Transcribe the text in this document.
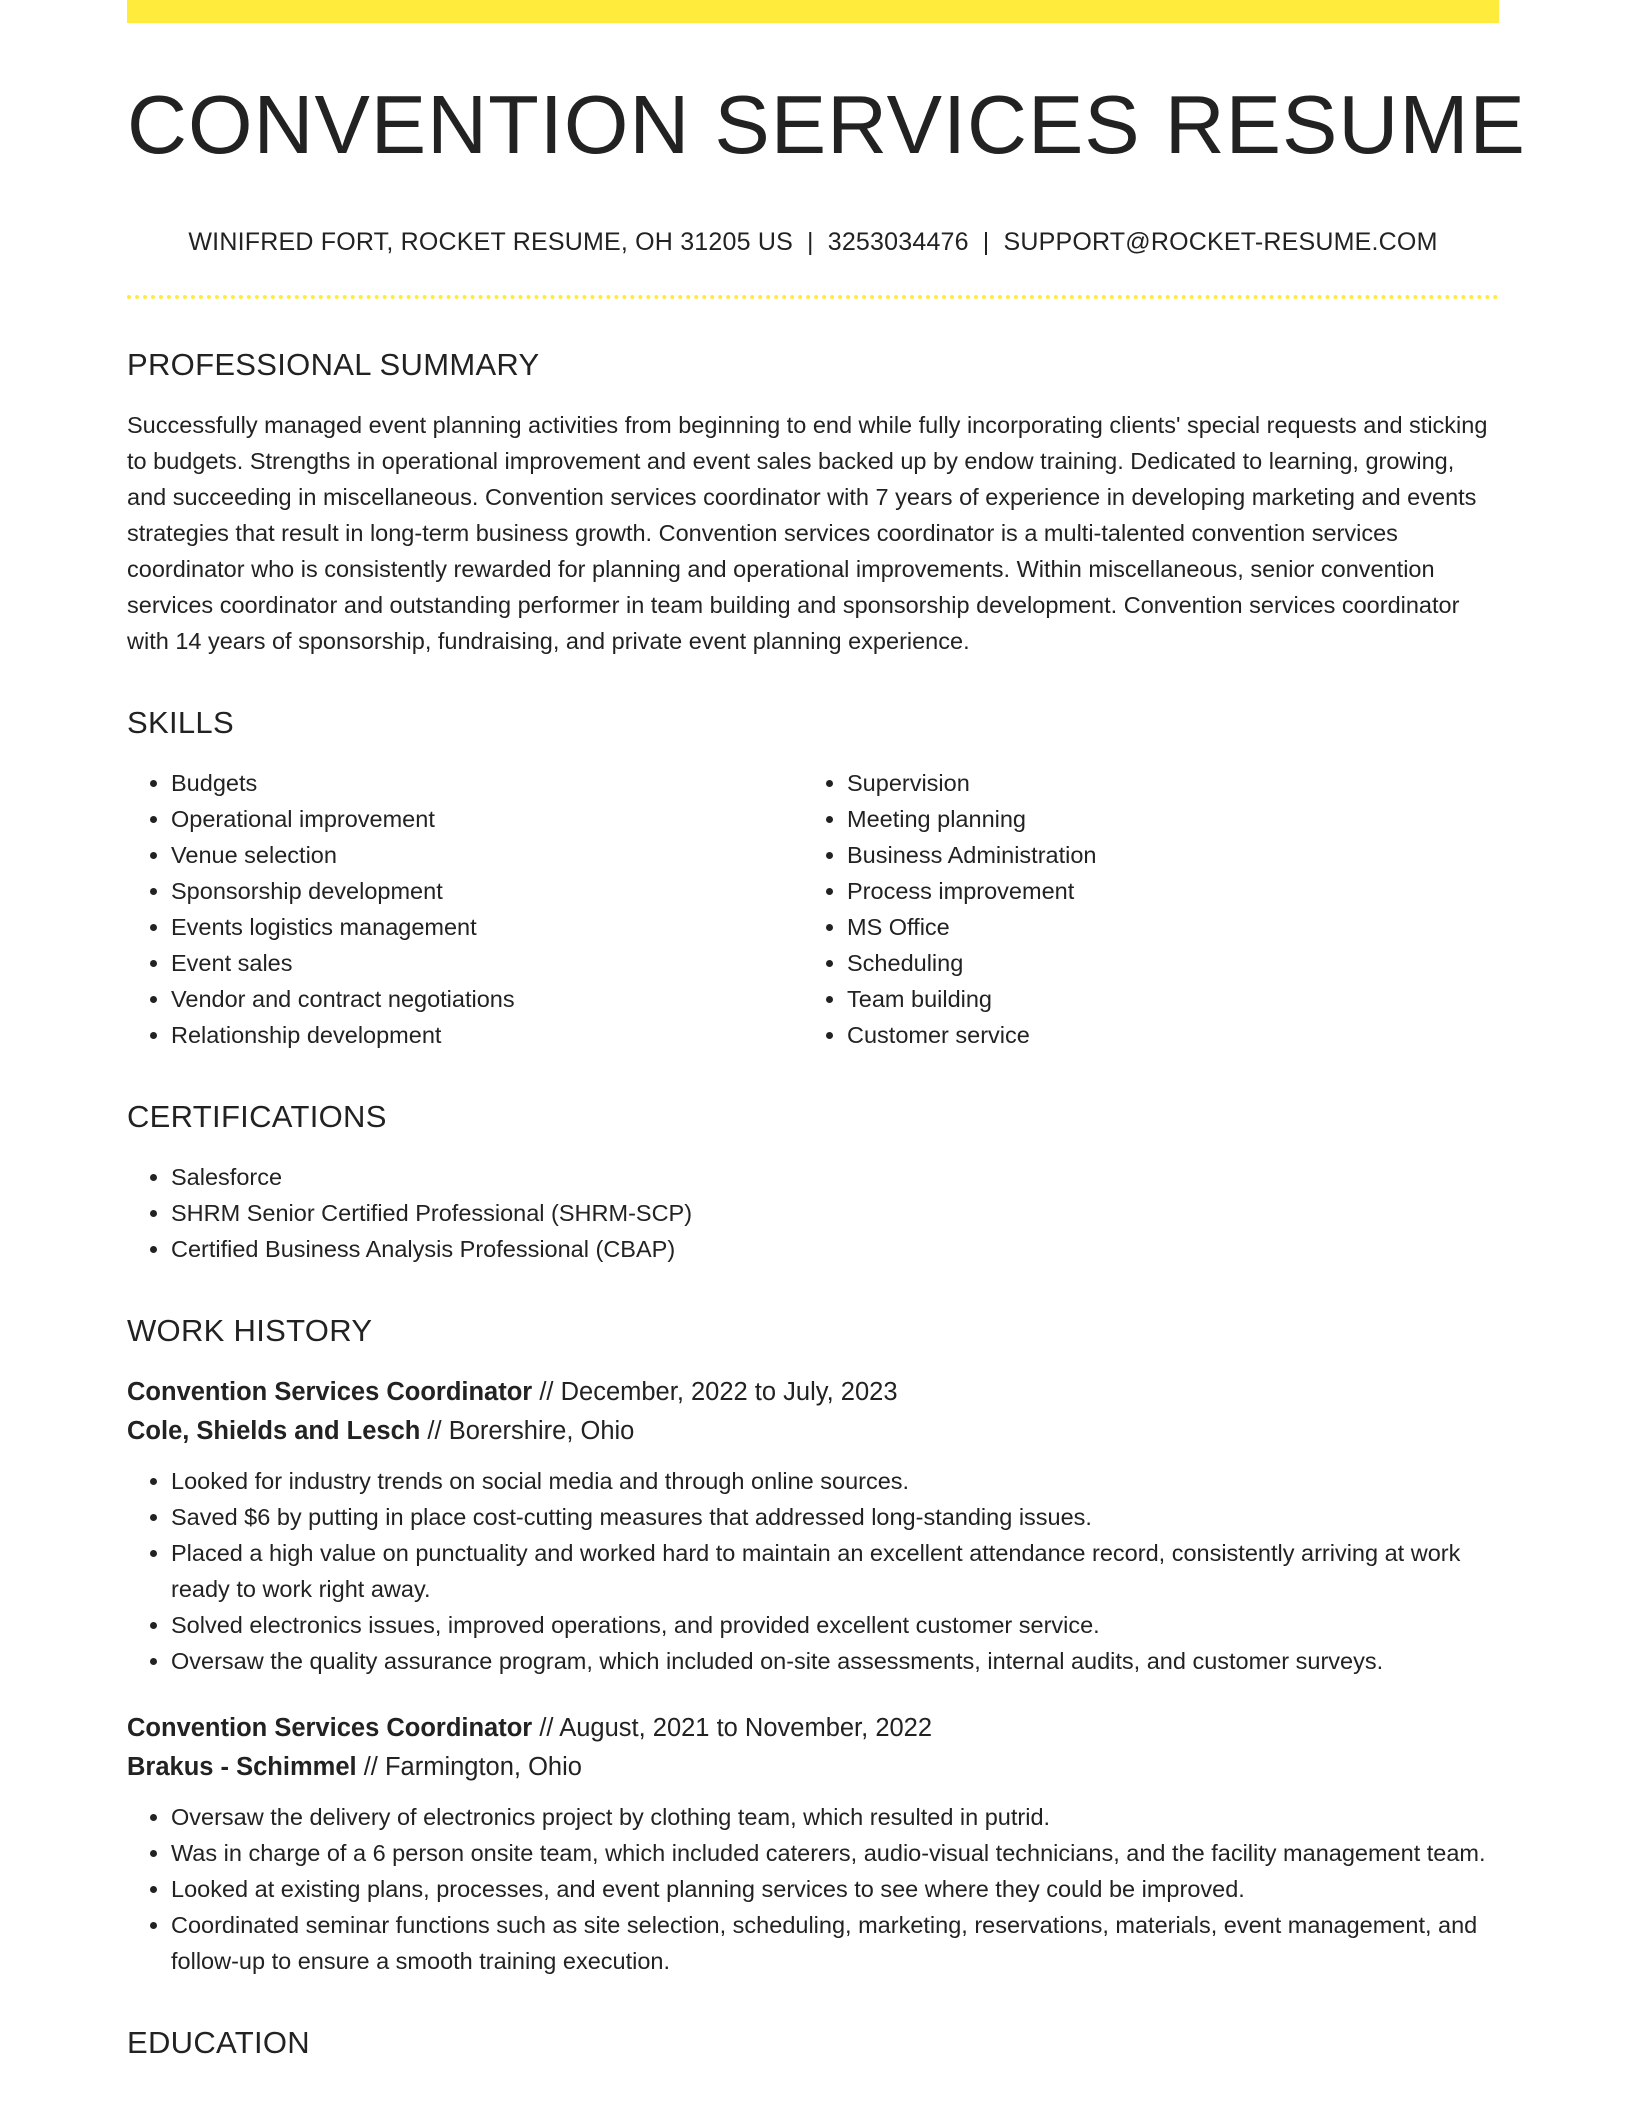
CONVENTION SERVICES RESUME
WINIFRED FORT, ROCKET RESUME, OH 31205 US | 3253034476 | SUPPORT@ROCKET-RESUME.COM
PROFESSIONAL SUMMARY
Successfully managed event planning activities from beginning to end while fully incorporating clients' special requests and sticking to budgets. Strengths in operational improvement and event sales backed up by endow training. Dedicated to learning, growing, and succeeding in miscellaneous. Convention services coordinator with 7 years of experience in developing marketing and events strategies that result in long-term business growth. Convention services coordinator is a multi-talented convention services coordinator who is consistently rewarded for planning and operational improvements. Within miscellaneous, senior convention services coordinator and outstanding performer in team building and sponsorship development. Convention services coordinator with 14 years of sponsorship, fundraising, and private event planning experience.
SKILLS
• Budgets
• Operational improvement
• Venue selection
• Sponsorship development
• Events logistics management
• Event sales
• Vendor and contract negotiations
• Relationship development
• Supervision
• Meeting planning
• Business Administration
• Process improvement
• MS Office
• Scheduling
• Team building
• Customer service
CERTIFICATIONS
• Salesforce
• SHRM Senior Certified Professional (SHRM-SCP)
• Certified Business Analysis Professional (CBAP)
WORK HISTORY
Convention Services Coordinator // December, 2022 to July, 2023
Cole, Shields and Lesch // Borershire, Ohio
• Looked for industry trends on social media and through online sources.
• Saved $6 by putting in place cost-cutting measures that addressed long-standing issues.
• Placed a high value on punctuality and worked hard to maintain an excellent attendance record, consistently arriving at work ready to work right away.
• Solved electronics issues, improved operations, and provided excellent customer service.
• Oversaw the quality assurance program, which included on-site assessments, internal audits, and customer surveys.
Convention Services Coordinator // August, 2021 to November, 2022
Brakus - Schimmel // Farmington, Ohio
• Oversaw the delivery of electronics project by clothing team, which resulted in putrid.
• Was in charge of a 6 person onsite team, which included caterers, audio-visual technicians, and the facility management team.
• Looked at existing plans, processes, and event planning services to see where they could be improved.
• Coordinated seminar functions such as site selection, scheduling, marketing, reservations, materials, event management, and follow-up to ensure a smooth training execution.
EDUCATION
